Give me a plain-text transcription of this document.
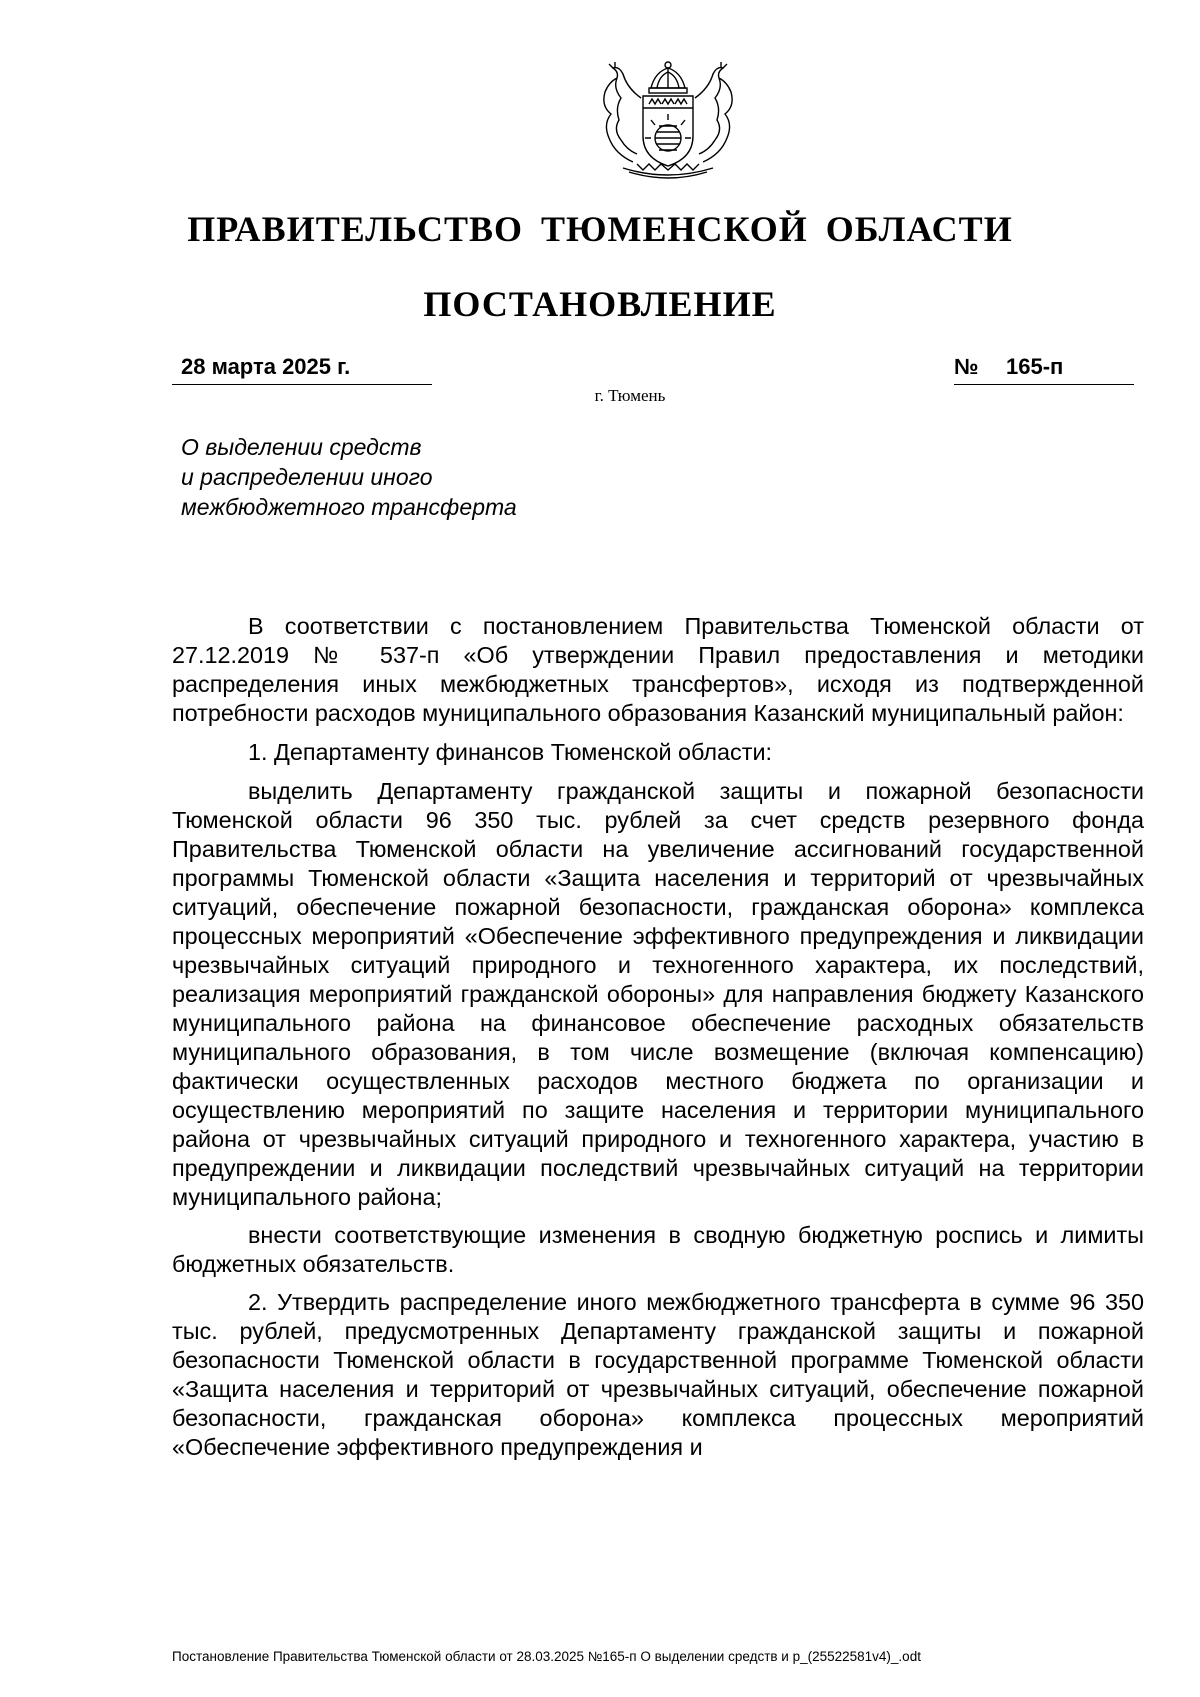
ПРАВИТЕЛЬСТВО ТЮМЕНСКОЙ ОБЛАСТИ
ПОСТАНОВЛЕНИЕ
28 марта 2025 г.	№ 165-п
г. Тюмень
О выделении средств
и распределении иного
межбюджетного трансферта

В соответствии с постановлением Правительства Тюменской области от 27.12.2019 № 537-п «Об утверждении Правил предоставления и методики распределения иных межбюджетных трансфертов», исходя из подтвержденной потребности расходов муниципального образования Казанский муниципальный район:

1. Департаменту финансов Тюменской области:

выделить Департаменту гражданской защиты и пожарной безопасности Тюменской области 96 350 тыс. рублей за счет средств резервного фонда Правительства Тюменской области на увеличение ассигнований государственной программы Тюменской области «Защита населения и территорий от чрезвычайных ситуаций, обеспечение пожарной безопасности, гражданская оборона» комплекса процессных мероприятий «Обеспечение эффективного предупреждения и ликвидации чрезвычайных ситуаций природного и техногенного характера, их последствий, реализация мероприятий гражданской обороны» для направления бюджету Казанского муниципального района на финансовое обеспечение расходных обязательств муниципального образования, в том числе возмещение (включая компенсацию) фактически осуществленных расходов местного бюджета по организации и осуществлению мероприятий по защите населения и территории муниципального района от чрезвычайных ситуаций природного и техногенного характера, участию в предупреждении и ликвидации последствий чрезвычайных ситуаций на территории муниципального района;

внести соответствующие изменения в сводную бюджетную роспись и лимиты бюджетных обязательств.

2. Утвердить распределение иного межбюджетного трансферта в сумме 96 350 тыс. рублей, предусмотренных Департаменту гражданской защиты и пожарной безопасности Тюменской области в государственной программе Тюменской области «Защита населения и территорий от чрезвычайных ситуаций, обеспечение пожарной безопасности, гражданская оборона» комплекса процессных мероприятий «Обеспечение эффективного предупреждения и

Постановление Правительства Тюменской области от 28.03.2025 №165-п О выделении средств и р_(25522581v4)_.odt
